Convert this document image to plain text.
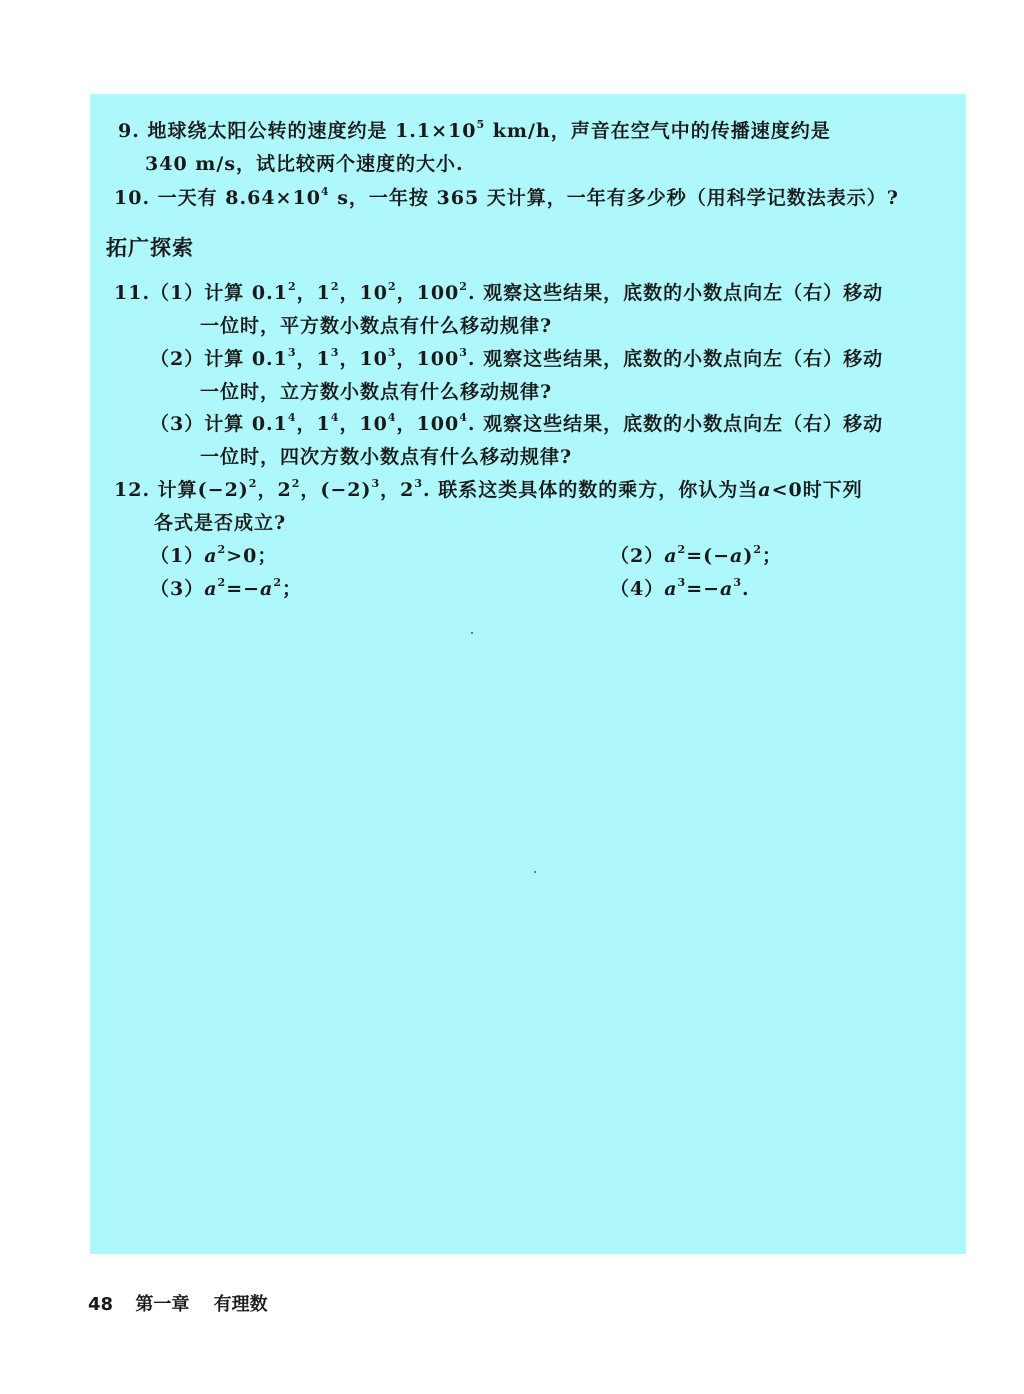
9. 地球绕太阳公转的速度约是 $1.1\times 10^5$ km/h，声音在空气中的传播速度约是
340 m/s，试比较两个速度的大小.
10. 一天有 $8.64\times 10^4$ s，一年按 365 天计算，一年有多少秒（用科学记数法表示）?
拓广探索
11.（1）计算 $0.1^2$，$1^2$，$10^2$，$100^2$. 观察这些结果，底数的小数点向左（右）移动
一位时，平方数小数点有什么移动规律?
（2）计算 $0.1^3$，$1^3$，$10^3$，$100^3$. 观察这些结果，底数的小数点向左（右）移动
一位时，立方数小数点有什么移动规律?
（3）计算 $0.1^4$，$1^4$，$10^4$，$100^4$. 观察这些结果，底数的小数点向左（右）移动
一位时，四次方数小数点有什么移动规律?
12. 计算$(-2)^2$，$2^2$，$(-2)^3$，$2^3$. 联系这类具体的数的乘方，你认为当a<0时下列
各式是否成立?
$(1)a^2>0$；	$(2)a^2=(-a)^2$；
$(3)a^2=-a^2$；	$(4)a^3=-a^3$.
48 第一章 有理数
